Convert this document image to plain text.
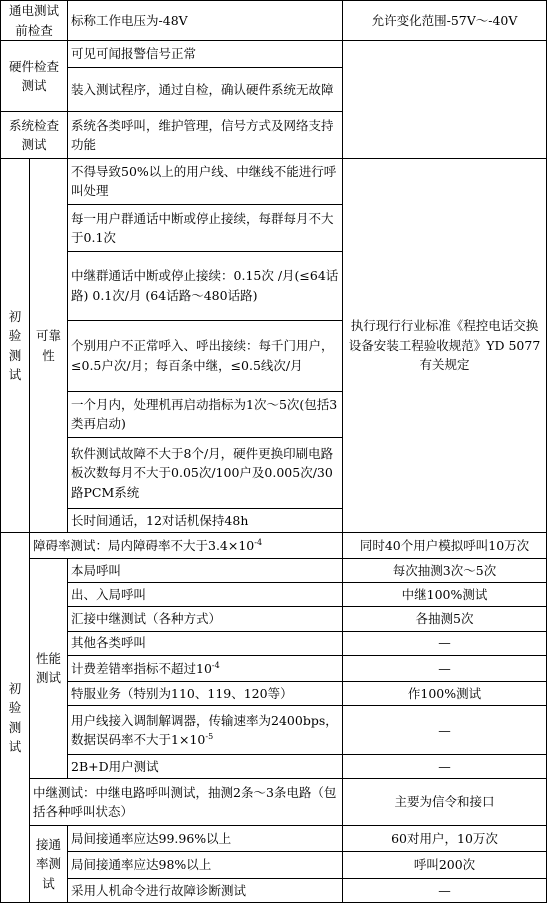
通电测试前检查		标称工作电压为-48V	允许变化范围-57V～-40V
硬件检查测试		可见可闻报警信号正常	
		装入测试程序，通过自检，确认硬件系统无故障	
系统检查测试		系统各类呼叫，维护管理，信号方式及网络支持功能	
初验测试	可靠性	不得导致50%以上的用户线、中继线不能进行呼叫处理	执行现行行业标准《程控电话交换设备安装工程验收规范》YD 5077有关规定
		每一用户群通话中断或停止接续，每群每月不大于0.1次	
		中继群通话中断或停止接续：0.15次 /月(≤64话路) 0.1次/月 (64话路～480话路)	
		个别用户不正常呼入、呼出接续：每千门用户，≤0.5户次/月；每百条中继，≤0.5线次/月	
		一个月内，处理机再启动指标为1次～5次(包括3类再启动)	
		软件测试故障不大于8个/月，硬件更换印刷电路板次数每月不大于0.05次/100户及0.005次/30路PCM系统	
		长时间通话，12对话机保持48h	
初验测试	障碍率测试：局内障碍率不大于$3.4\times 10^{-4}$		同时40个用户模拟呼叫10万次
	性能测试	本局呼叫	每次抽测3次～5次
		出、入局呼叫	中继100%测试
		汇接中继测试（各种方式）	各抽测5次
		其他各类呼叫	—
		计费差错率指标不超过$10^{-4}$	—
		特服业务（特别为110、119、120等）	作100%测试
		用户线接入调制解调器，传输速率为2400bps，数据误码率不大于$1\times 10^{-5}$	—
		2B+D用户测试	—
	中继测试：中继电路呼叫测试，抽测2条～3条电路（包括各种呼叫状态）		主要为信令和接口
	接通率测试	局间接通率应达99.96%以上	60对用户，10万次
		局间接通率应达98%以上	呼叫200次
		采用人机命令进行故障诊断测试	—
